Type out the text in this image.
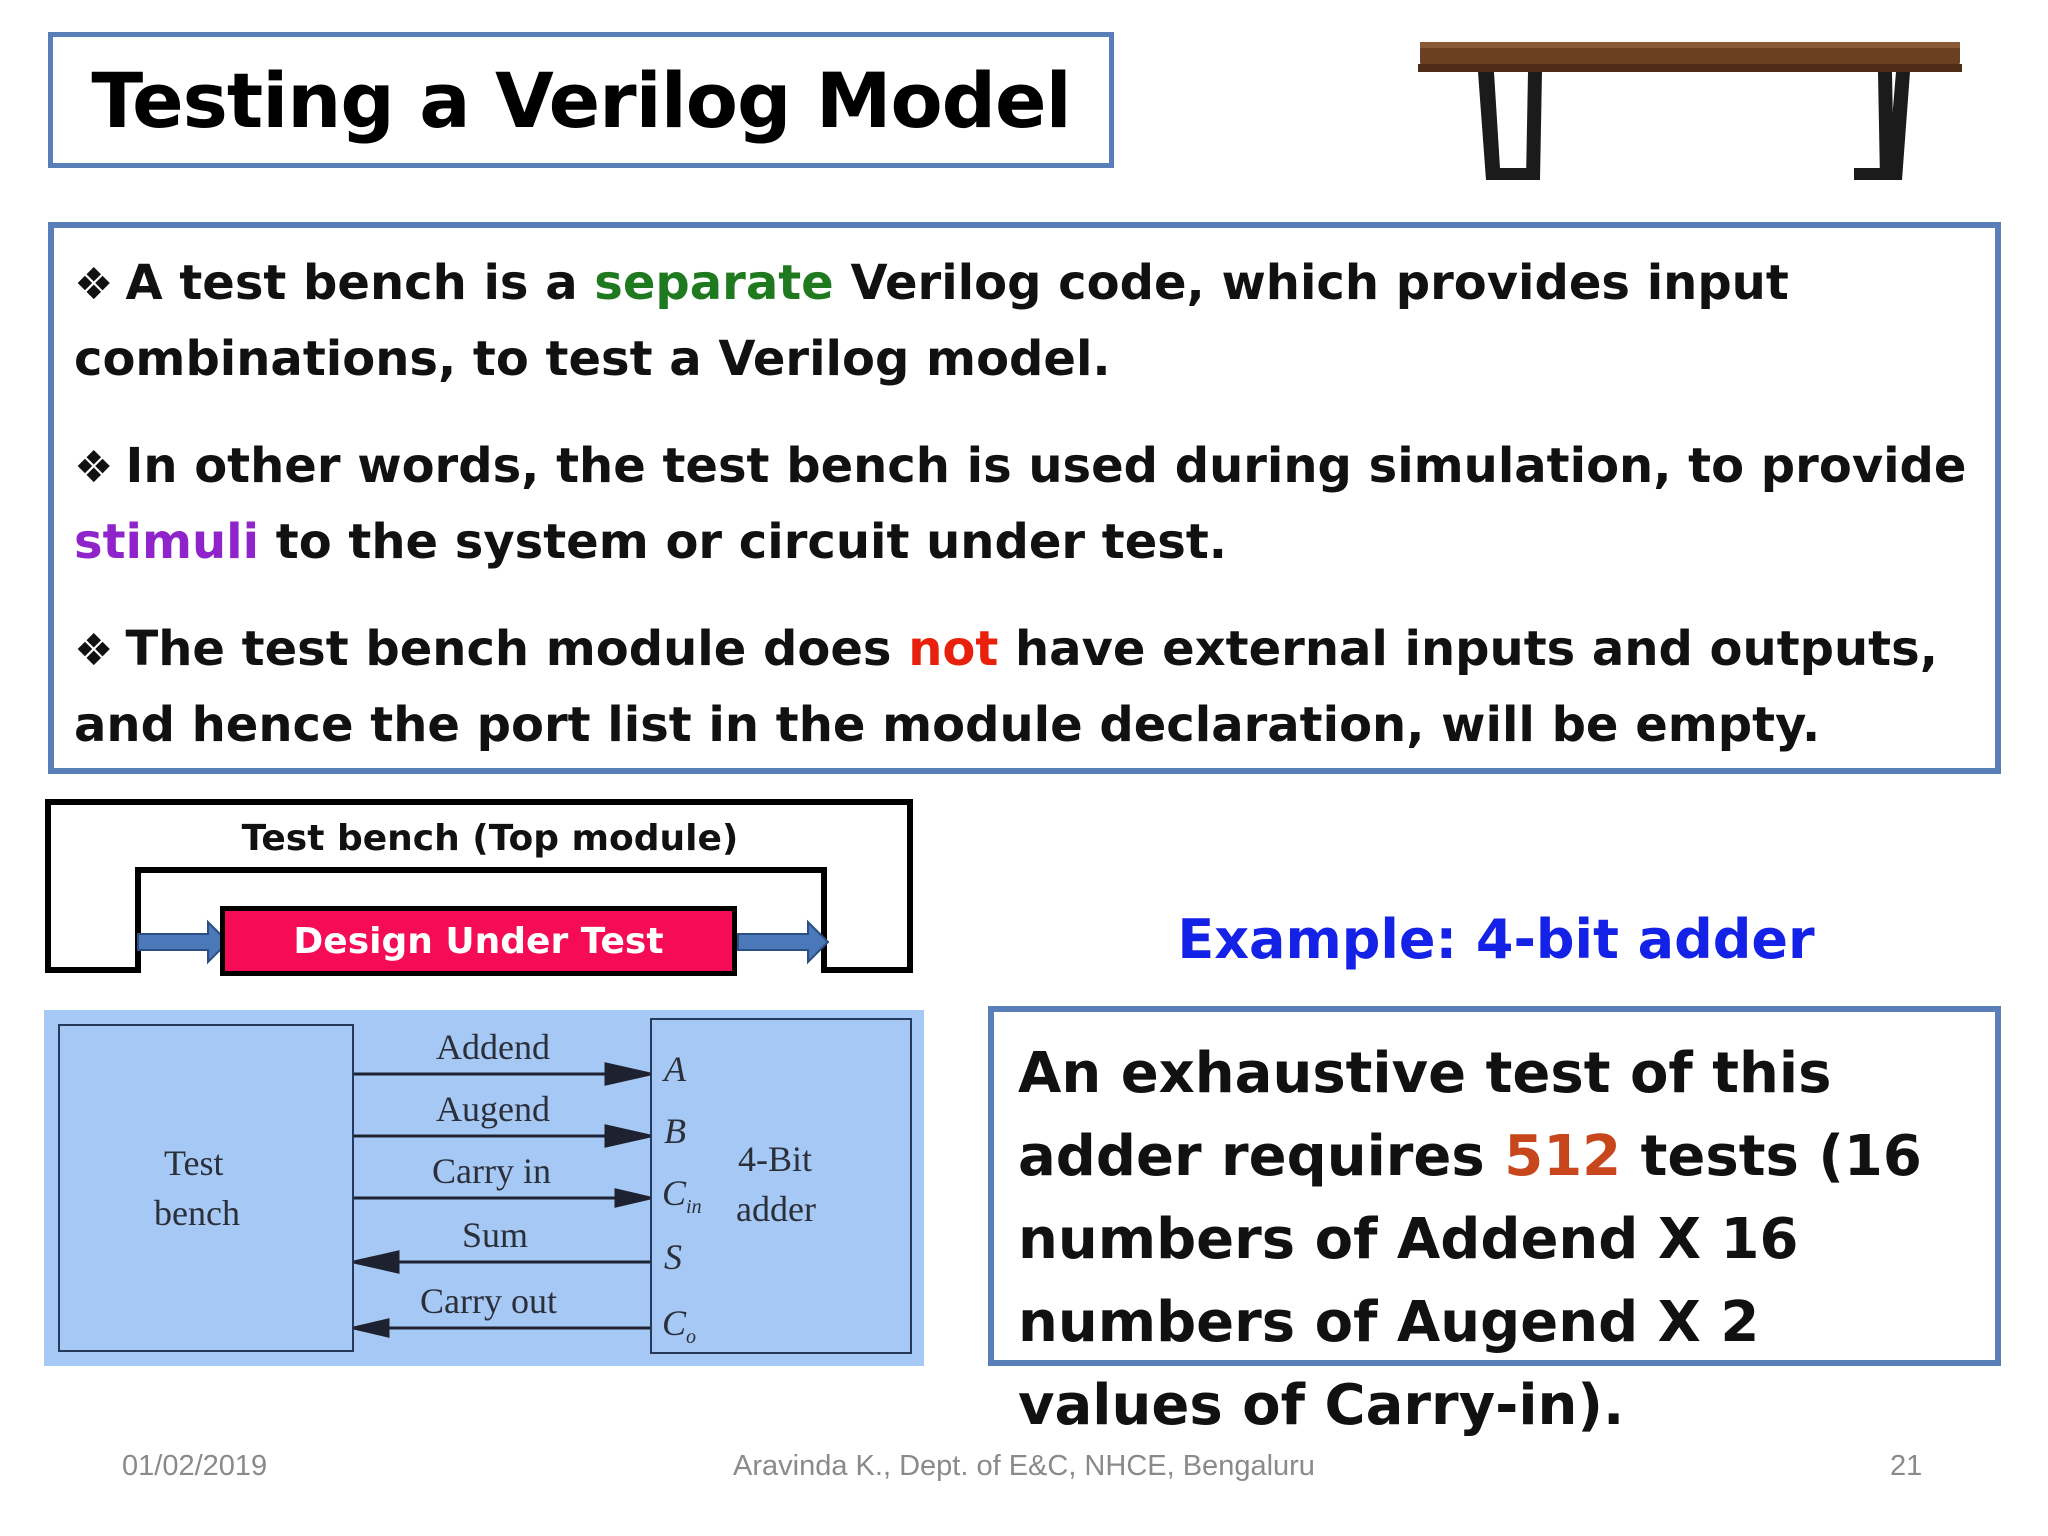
Testing a Verilog Model

❖ A test bench is a separate Verilog code, which provides input combinations, to test a Verilog model.

❖ In other words, the test bench is used during simulation, to provide stimuli to the system or circuit under test.

❖ The test bench module does not have external inputs and outputs, and hence the port list in the module declaration, will be empty.

Test bench (Top module)
Design Under Test
Test
bench
4-Bit
adder
Addend
Augend
Carry in
Sum
Carry out
A
B
$C_{in}$
S
$C_o$
Example: 4-bit adder
An exhaustive test of this adder requires 512 tests (16 numbers of Addend X 16 numbers of Augend X 2 values of Carry-in).
01/02/2019	Aravinda K., Dept. of E&C, NHCE, Bengaluru	21
